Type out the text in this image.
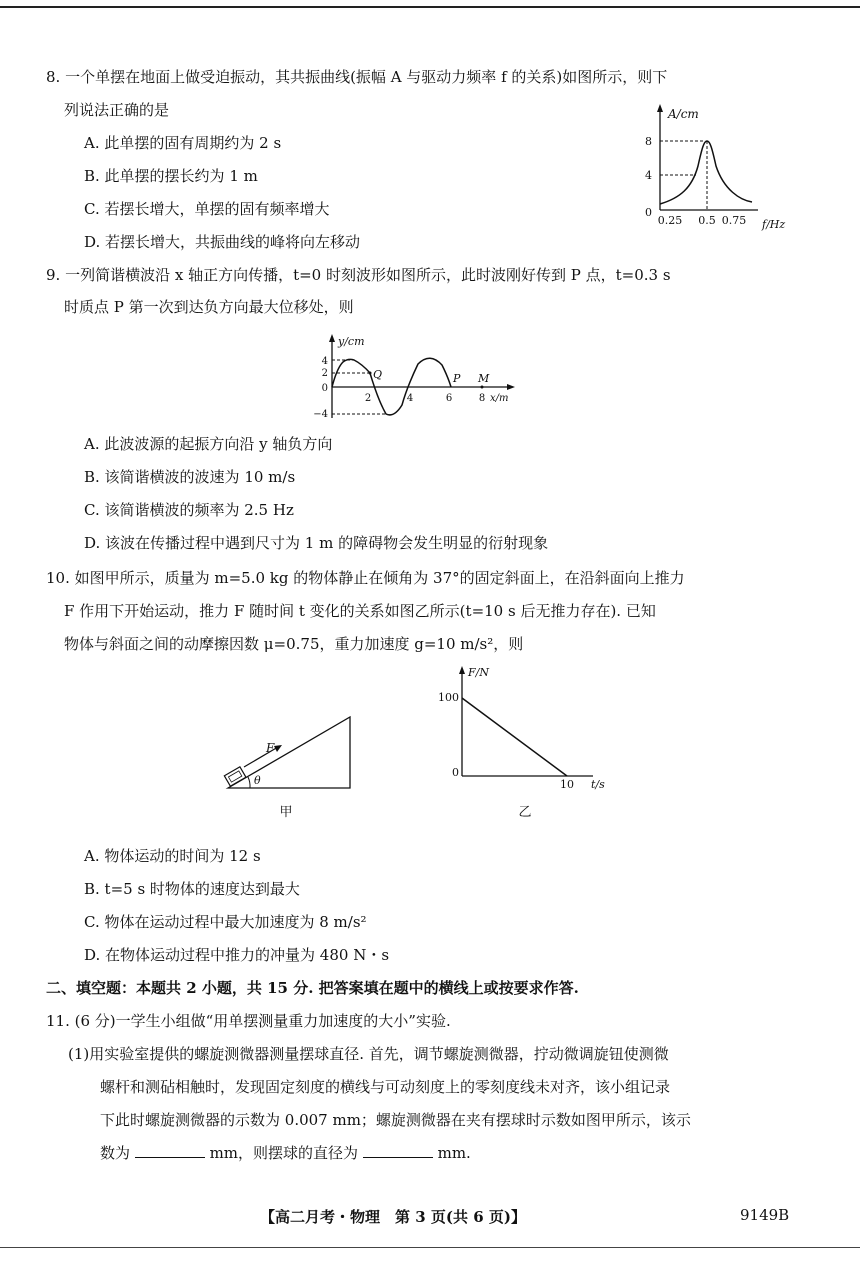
8. 一个单摆在地面上做受迫振动，其共振曲线(振幅 A 与驱动力频率 f 的关系)如图所示，则下
列说法正确的是
A. 此单摆的固有周期约为 2 s
B. 此单摆的摆长约为 1 m
C. 若摆长增大，单摆的固有频率增大
D. 若摆长增大，共振曲线的峰将向左移动
A/cm
8
4
0
0.25 0.5 0.75 f/Hz
9. 一列简谐横波沿 x 轴正方向传播，t=0 时刻波形如图所示，此时波刚好传到 P 点，t=0.3 s
时质点 P 第一次到达负方向最大位移处，则
y/cm
4
2
0
−4
Q	P M
2	4	6	8 x/m
A. 此波波源的起振方向沿 y 轴负方向
B. 该简谐横波的波速为 10 m/s
C. 该简谐横波的频率为 2.5 Hz
D. 该波在传播过程中遇到尺寸为 1 m 的障碍物会发生明显的衍射现象
10. 如图甲所示，质量为 m=5.0 kg 的物体静止在倾角为 37°的固定斜面上，在沿斜面向上推力
F 作用下开始运动，推力 F 随时间 t 变化的关系如图乙所示(t=10 s 后无推力存在). 已知
物体与斜面之间的动摩擦因数 μ=0.75，重力加速度 g=10 m/s²，则
F
θ
甲
F/N
100
0
10 t/s
乙
A. 物体运动的时间为 12 s
B. t=5 s 时物体的速度达到最大
C. 物体在运动过程中最大加速度为 8 m/s²
D. 在物体运动过程中推力的冲量为 480 N・s
二、填空题：本题共 2 小题，共 15 分. 把答案填在题中的横线上或按要求作答.
11. (6 分)一学生小组做“用单摆测量重力加速度的大小”实验.
(1)用实验室提供的螺旋测微器测量摆球直径. 首先，调节螺旋测微器，拧动微调旋钮使测微
螺杆和测砧相触时，发现固定刻度的横线与可动刻度上的零刻度线未对齐，该小组记录
下此时螺旋测微器的示数为 0.007 mm；螺旋测微器在夹有摆球时示数如图甲所示，该示
数为	mm，则摆球的直径为	mm.
【高二月考・物理　第 3 页(共 6 页)】	9149B
